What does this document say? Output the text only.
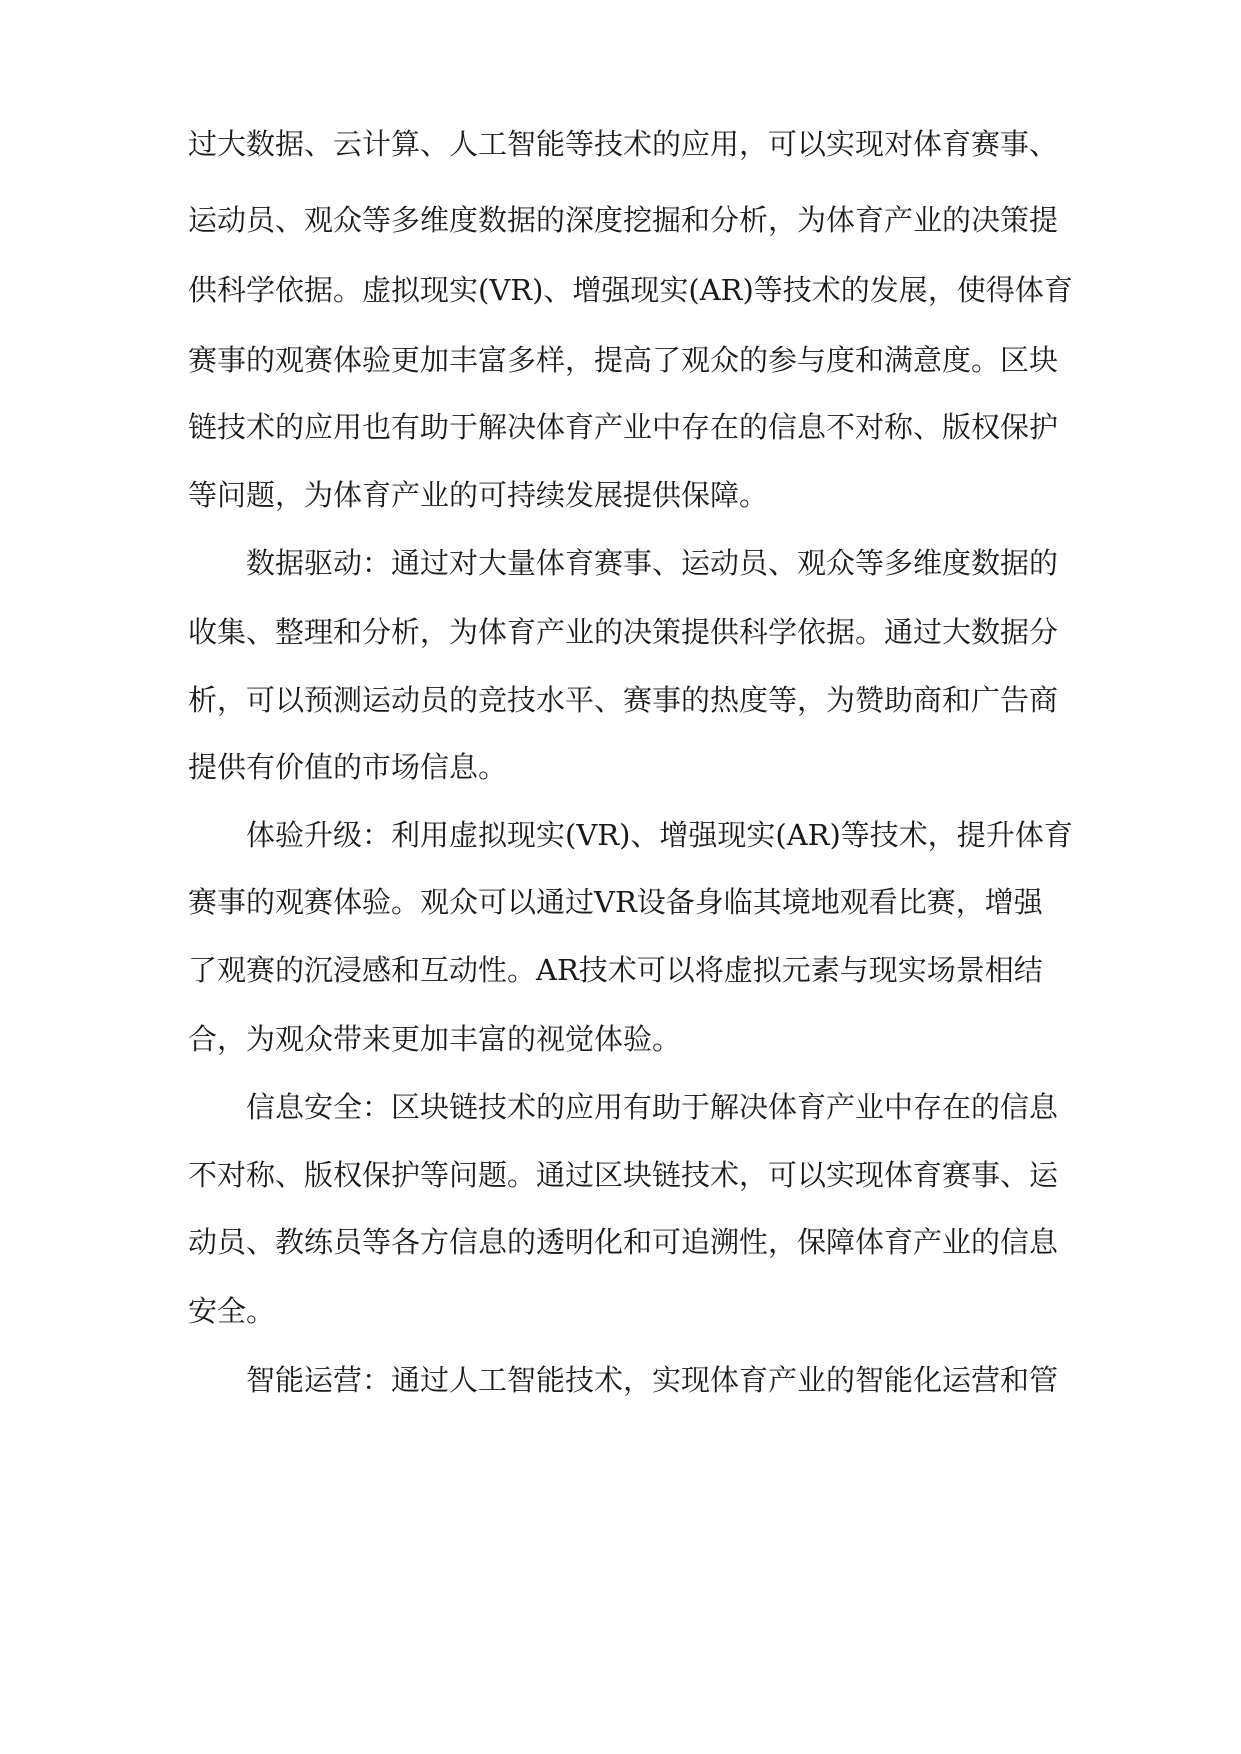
过大数据、云计算、人工智能等技术的应用，可以实现对体育赛事、
运动员、观众等多维度数据的深度挖掘和分析，为体育产业的决策提
供科学依据。虚拟现实(VR)、增强现实(AR)等技术的发展，使得体育
赛事的观赛体验更加丰富多样，提高了观众的参与度和满意度。区块
链技术的应用也有助于解决体育产业中存在的信息不对称、版权保护
等问题，为体育产业的可持续发展提供保障。
数据驱动：通过对大量体育赛事、运动员、观众等多维度数据的
收集、整理和分析，为体育产业的决策提供科学依据。通过大数据分
析，可以预测运动员的竞技水平、赛事的热度等，为赞助商和广告商
提供有价值的市场信息。
体验升级：利用虚拟现实(VR)、增强现实(AR)等技术，提升体育
赛事的观赛体验。观众可以通过VR设备身临其境地观看比赛，增强
了观赛的沉浸感和互动性。AR技术可以将虚拟元素与现实场景相结
合，为观众带来更加丰富的视觉体验。
信息安全：区块链技术的应用有助于解决体育产业中存在的信息
不对称、版权保护等问题。通过区块链技术，可以实现体育赛事、运
动员、教练员等各方信息的透明化和可追溯性，保障体育产业的信息
安全。
智能运营：通过人工智能技术，实现体育产业的智能化运营和管
